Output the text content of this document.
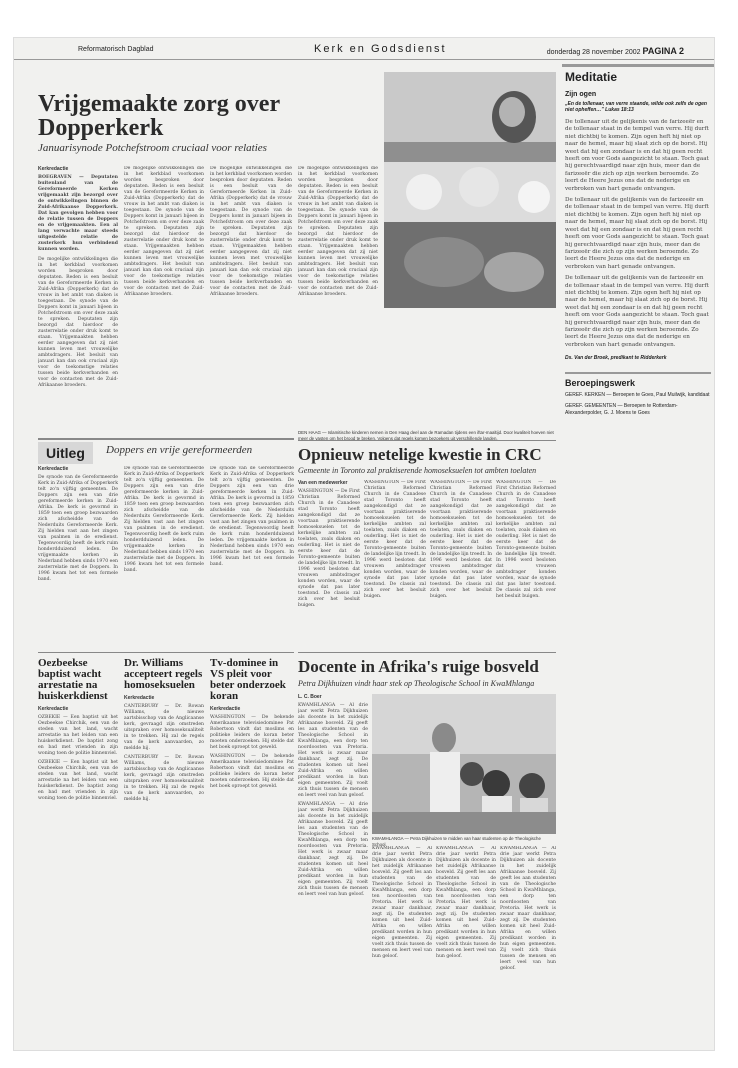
Reformatorisch Dagblad	Kerk en Godsdienst	donderdag 28 november 2002 PAGINA 2
Vrijgemaakte zorg over Dopperkerk
Januarisynode Potchefstroom cruciaal voor relaties
Kerkredactie
BOEGRAVEN — Deputaten buitenland van de Gereformeerde Kerken vrijgemaakt zijn bezorgd over de ontwikkelingen binnen de Zuid-Afrikaanse Dopperkerk. Dat kan gevolgen hebben voor de relatie tussen de Doppers en de vrijgemaakten. Een al lang verwachte maar steeds uitgestelde relatie de zusterkerk hun verbindend kunnen worden.
De mogelijke ontwikkelingen die in het kerkblad voorkomen worden besproken door deputaten. Reden is een besluit van de Gereformeerde Kerken in Zuid-Afrika (Dopperkerk) dat de vrouw in het ambt van diaken is toegestaan. De synode van de Doppers komt in januari bijeen in Potchefstroom om over deze zaak te spreken. Deputaten zijn bezorgd dat hierdoor de zusterrelatie onder druk komt te staan. Vrijgemaakten hebben eerder aangegeven dat zij niet kunnen leven met vrouwelijke ambtsdragers. Het besluit van januari kan dan ook cruciaal zijn voor de toekomstige relaties tussen beide kerkverbanden en voor de contacten met de Zuid-Afrikaanse broeders.
De mogelijke ontwikkelingen die in het kerkblad voorkomen worden besproken door deputaten. Reden is een besluit van de Gereformeerde Kerken in Zuid-Afrika (Dopperkerk) dat de vrouw in het ambt van diaken is toegestaan. De synode van de Doppers komt in januari bijeen in Potchefstroom om over deze zaak te spreken. Deputaten zijn bezorgd dat hierdoor de zusterrelatie onder druk komt te staan. Vrijgemaakten hebben eerder aangegeven dat zij niet kunnen leven met vrouwelijke ambtsdragers. Het besluit van januari kan dan ook cruciaal zijn voor de toekomstige relaties tussen beide kerkverbanden en voor de contacten met de Zuid-Afrikaanse broeders.
De mogelijke ontwikkelingen die in het kerkblad voorkomen worden besproken door deputaten. Reden is een besluit van de Gereformeerde Kerken in Zuid-Afrika (Dopperkerk) dat de vrouw in het ambt van diaken is toegestaan. De synode van de Doppers komt in januari bijeen in Potchefstroom om over deze zaak te spreken. Deputaten zijn bezorgd dat hierdoor de zusterrelatie onder druk komt te staan. Vrijgemaakten hebben eerder aangegeven dat zij niet kunnen leven met vrouwelijke ambtsdragers. Het besluit van januari kan dan ook cruciaal zijn voor de toekomstige relaties tussen beide kerkverbanden en voor de contacten met de Zuid-Afrikaanse broeders.
De mogelijke ontwikkelingen die in het kerkblad voorkomen worden besproken door deputaten. Reden is een besluit van de Gereformeerde Kerken in Zuid-Afrika (Dopperkerk) dat de vrouw in het ambt van diaken is toegestaan. De synode van de Doppers komt in januari bijeen in Potchefstroom om over deze zaak te spreken. Deputaten zijn bezorgd dat hierdoor de zusterrelatie onder druk komt te staan. Vrijgemaakten hebben eerder aangegeven dat zij niet kunnen leven met vrouwelijke ambtsdragers. Het besluit van januari kan dan ook cruciaal zijn voor de toekomstige relaties tussen beide kerkverbanden en voor de contacten met de Zuid-Afrikaanse broeders.
DEN HAAG — Islamitische kinderen nemen in Den Haag deel aan de Ramadan tijdens een iftar-maaltijd. Door kwaliteit hoeven niet meer de vasten om het brood te breken. Volgens dat regels komen bezoekers uit verschillende landen.
Uitleg	Doppers en vrije gereformeerden
Kerkredactie
De synode van de Gereformeerde Kerk in Zuid-Afrika of Dopperkerk telt zo'n vijftig gemeenten. De Doppers zijn een van drie gereformeerde kerken in Zuid-Afrika. De kerk is gevormd in 1859 toen een groep bezwaarden zich afscheidde van de Nederduits Gereformeerde Kerk. Zij hielden vast aan het zingen van psalmen in de eredienst. Tegenwoordig heeft de kerk ruim honderdduizend leden. De vrijgemaakte kerken in Nederland hebben sinds 1970 een zusterrelatie met de Doppers. In 1996 kwam het tot een formele band.
De synode van de Gereformeerde Kerk in Zuid-Afrika of Dopperkerk telt zo'n vijftig gemeenten. De Doppers zijn een van drie gereformeerde kerken in Zuid-Afrika. De kerk is gevormd in 1859 toen een groep bezwaarden zich afscheidde van de Nederduits Gereformeerde Kerk. Zij hielden vast aan het zingen van psalmen in de eredienst. Tegenwoordig heeft de kerk ruim honderdduizend leden. De vrijgemaakte kerken in Nederland hebben sinds 1970 een zusterrelatie met de Doppers. In 1996 kwam het tot een formele band.
De synode van de Gereformeerde Kerk in Zuid-Afrika of Dopperkerk telt zo'n vijftig gemeenten. De Doppers zijn een van drie gereformeerde kerken in Zuid-Afrika. De kerk is gevormd in 1859 toen een groep bezwaarden zich afscheidde van de Nederduits Gereformeerde Kerk. Zij hielden vast aan het zingen van psalmen in de eredienst. Tegenwoordig heeft de kerk ruim honderdduizend leden. De vrijgemaakte kerken in Nederland hebben sinds 1970 een zusterrelatie met de Doppers. In 1996 kwam het tot een formele band.
Opnieuw netelige kwestie in CRC
Gemeente in Toronto zal praktiserende homoseksuelen tot ambten toelaten
Van een medewerker
WASHINGTON — De First Christian Reformed Church in de Canadese stad Toronto heeft aangekondigd dat ze voortaan praktiserende homoseksuelen tot de kerkelijke ambten zal toelaten, zoals diaken en ouderling. Het is niet de eerste keer dat de Toronto-gemeente buiten de landelijke lijn treedt. In 1996 werd besloten dat vrouwen ambtsdrager konden worden, waar de synode dat pas later toestond. De classis zal zich over het besluit buigen.
WASHINGTON — De First Christian Reformed Church in de Canadese stad Toronto heeft aangekondigd dat ze voortaan praktiserende homoseksuelen tot de kerkelijke ambten zal toelaten, zoals diaken en ouderling. Het is niet de eerste keer dat de Toronto-gemeente buiten de landelijke lijn treedt. In 1996 werd besloten dat vrouwen ambtsdrager konden worden, waar de synode dat pas later toestond. De classis zal zich over het besluit buigen.
WASHINGTON — De First Christian Reformed Church in de Canadese stad Toronto heeft aangekondigd dat ze voortaan praktiserende homoseksuelen tot de kerkelijke ambten zal toelaten, zoals diaken en ouderling. Het is niet de eerste keer dat de Toronto-gemeente buiten de landelijke lijn treedt. In 1996 werd besloten dat vrouwen ambtsdrager konden worden, waar de synode dat pas later toestond. De classis zal zich over het besluit buigen.
WASHINGTON — De First Christian Reformed Church in de Canadese stad Toronto heeft aangekondigd dat ze voortaan praktiserende homoseksuelen tot de kerkelijke ambten zal toelaten, zoals diaken en ouderling. Het is niet de eerste keer dat de Toronto-gemeente buiten de landelijke lijn treedt. In 1996 werd besloten dat vrouwen ambtsdrager konden worden, waar de synode dat pas later toestond. De classis zal zich over het besluit buigen.
Oezbeekse baptist wacht arrestatie na huiskerkdienst
Kerkredactie
OZBEKIE — Een baptist uit het Oezbeekse Chirchik, een van de steden van het land, wacht arrestatie na het leiden van een huiskerkdienst. De baptist zong en bad met vrienden in zijn woning toen de politie binnenviel.
OZBEKIE — Een baptist uit het Oezbeekse Chirchik, een van de steden van het land, wacht arrestatie na het leiden van een huiskerkdienst. De baptist zong en bad met vrienden in zijn woning toen de politie binnenviel.
Dr. Williams accepteert regels homoseksuelen
Kerkredactie
CANTERBURY — Dr. Rowan Williams, de nieuwe aartsbisschop van de Anglicaanse kerk, gevraagd zijn omstreden uitspraken over homoseksualiteit in te trekken. Hij zal de regels van de kerk aanvaarden, zo meldde hij.
CANTERBURY — Dr. Rowan Williams, de nieuwe aartsbisschop van de Anglicaanse kerk, gevraagd zijn omstreden uitspraken over homoseksualiteit in te trekken. Hij zal de regels van de kerk aanvaarden, zo meldde hij.
Tv-dominee in VS pleit voor beter onderzoek koran
Kerkredactie
WASHINGTON — De bekende Amerikaanse televisiedominee Pat Robertson vindt dat moslims en politieke leiders de koran beter moeten onderzoeken. Hij stelde dat het boek oproept tot geweld.
WASHINGTON — De bekende Amerikaanse televisiedominee Pat Robertson vindt dat moslims en politieke leiders de koran beter moeten onderzoeken. Hij stelde dat het boek oproept tot geweld.
Docente in Afrika's ruige bosveld
Petra Dijkhuizen vindt haar stek op Theologische School in KwaMhlanga
L. C. Boer
KWAMHLANGA — Al drie jaar werkt Petra Dijkhuizen als docente in het zuidelijk Afrikaanse bosveld. Zij geeft les aan studenten van de Theologische School in KwaMhlanga, een dorp ten noordoosten van Pretoria. Het werk is zwaar maar dankbaar, zegt zij. De studenten komen uit heel Zuid-Afrika en willen predikant worden in hun eigen gemeenten. Zij voelt zich thuis tussen de mensen en leert veel van hun geloof.
KWAMHLANGA — Al drie jaar werkt Petra Dijkhuizen als docente in het zuidelijk Afrikaanse bosveld. Zij geeft les aan studenten van de Theologische School in KwaMhlanga, een dorp ten noordoosten van Pretoria. Het werk is zwaar maar dankbaar, zegt zij. De studenten komen uit heel Zuid-Afrika en willen predikant worden in hun eigen gemeenten. Zij voelt zich thuis tussen de mensen en leert veel van hun geloof.
KWAMHLANGA — Petra Dijkhuizen te midden van haar studenten op de Theologische School.
KWAMHLANGA — Al drie jaar werkt Petra Dijkhuizen als docente in het zuidelijk Afrikaanse bosveld. Zij geeft les aan studenten van de Theologische School in KwaMhlanga, een dorp ten noordoosten van Pretoria. Het werk is zwaar maar dankbaar, zegt zij. De studenten komen uit heel Zuid-Afrika en willen predikant worden in hun eigen gemeenten. Zij voelt zich thuis tussen de mensen en leert veel van hun geloof.
KWAMHLANGA — Al drie jaar werkt Petra Dijkhuizen als docente in het zuidelijk Afrikaanse bosveld. Zij geeft les aan studenten van de Theologische School in KwaMhlanga, een dorp ten noordoosten van Pretoria. Het werk is zwaar maar dankbaar, zegt zij. De studenten komen uit heel Zuid-Afrika en willen predikant worden in hun eigen gemeenten. Zij voelt zich thuis tussen de mensen en leert veel van hun geloof.
KWAMHLANGA — Al drie jaar werkt Petra Dijkhuizen als docente in het zuidelijk Afrikaanse bosveld. Zij geeft les aan studenten van de Theologische School in KwaMhlanga, een dorp ten noordoosten van Pretoria. Het werk is zwaar maar dankbaar, zegt zij. De studenten komen uit heel Zuid-Afrika en willen predikant worden in hun eigen gemeenten. Zij voelt zich thuis tussen de mensen en leert veel van hun geloof.
Meditatie
Zijn ogen
„En de tollenaar, van verre staande, wilde ook zelfs de ogen niet opheffen…” Lukas 18:13
De tollenaar uit de gelijkenis van de farizeeër en de tollenaar staat in de tempel van verre. Hij durft niet dichtbij te komen. Zijn ogen heft hij niet op naar de hemel, maar hij slaat zich op de borst. Hij weet dat hij een zondaar is en dat hij geen recht heeft om voor Gods aangezicht te staan. Toch gaat hij gerechtvaardigd naar zijn huis, meer dan de farizeeër die zich op zijn werken beroemde. Zo leert de Heere Jezus ons dat de nederige en verbroken van hart genade ontvangen.
De tollenaar uit de gelijkenis van de farizeeër en de tollenaar staat in de tempel van verre. Hij durft niet dichtbij te komen. Zijn ogen heft hij niet op naar de hemel, maar hij slaat zich op de borst. Hij weet dat hij een zondaar is en dat hij geen recht heeft om voor Gods aangezicht te staan. Toch gaat hij gerechtvaardigd naar zijn huis, meer dan de farizeeër die zich op zijn werken beroemde. Zo leert de Heere Jezus ons dat de nederige en verbroken van hart genade ontvangen.
De tollenaar uit de gelijkenis van de farizeeër en de tollenaar staat in de tempel van verre. Hij durft niet dichtbij te komen. Zijn ogen heft hij niet op naar de hemel, maar hij slaat zich op de borst. Hij weet dat hij een zondaar is en dat hij geen recht heeft om voor Gods aangezicht te staan. Toch gaat hij gerechtvaardigd naar zijn huis, meer dan de farizeeër die zich op zijn werken beroemde. Zo leert de Heere Jezus ons dat de nederige en verbroken van hart genade ontvangen.
Ds. Van der Broek, predikant te Ridderkerk
Beroepingswerk
GEREF. KERKEN — Beroepen te Goes, Paul Muilwijk, kandidaat
GEREF. GEMEENTEN — Beroepen te Rotterdam-Alexanderpolder, G. J. Moens te Goes
